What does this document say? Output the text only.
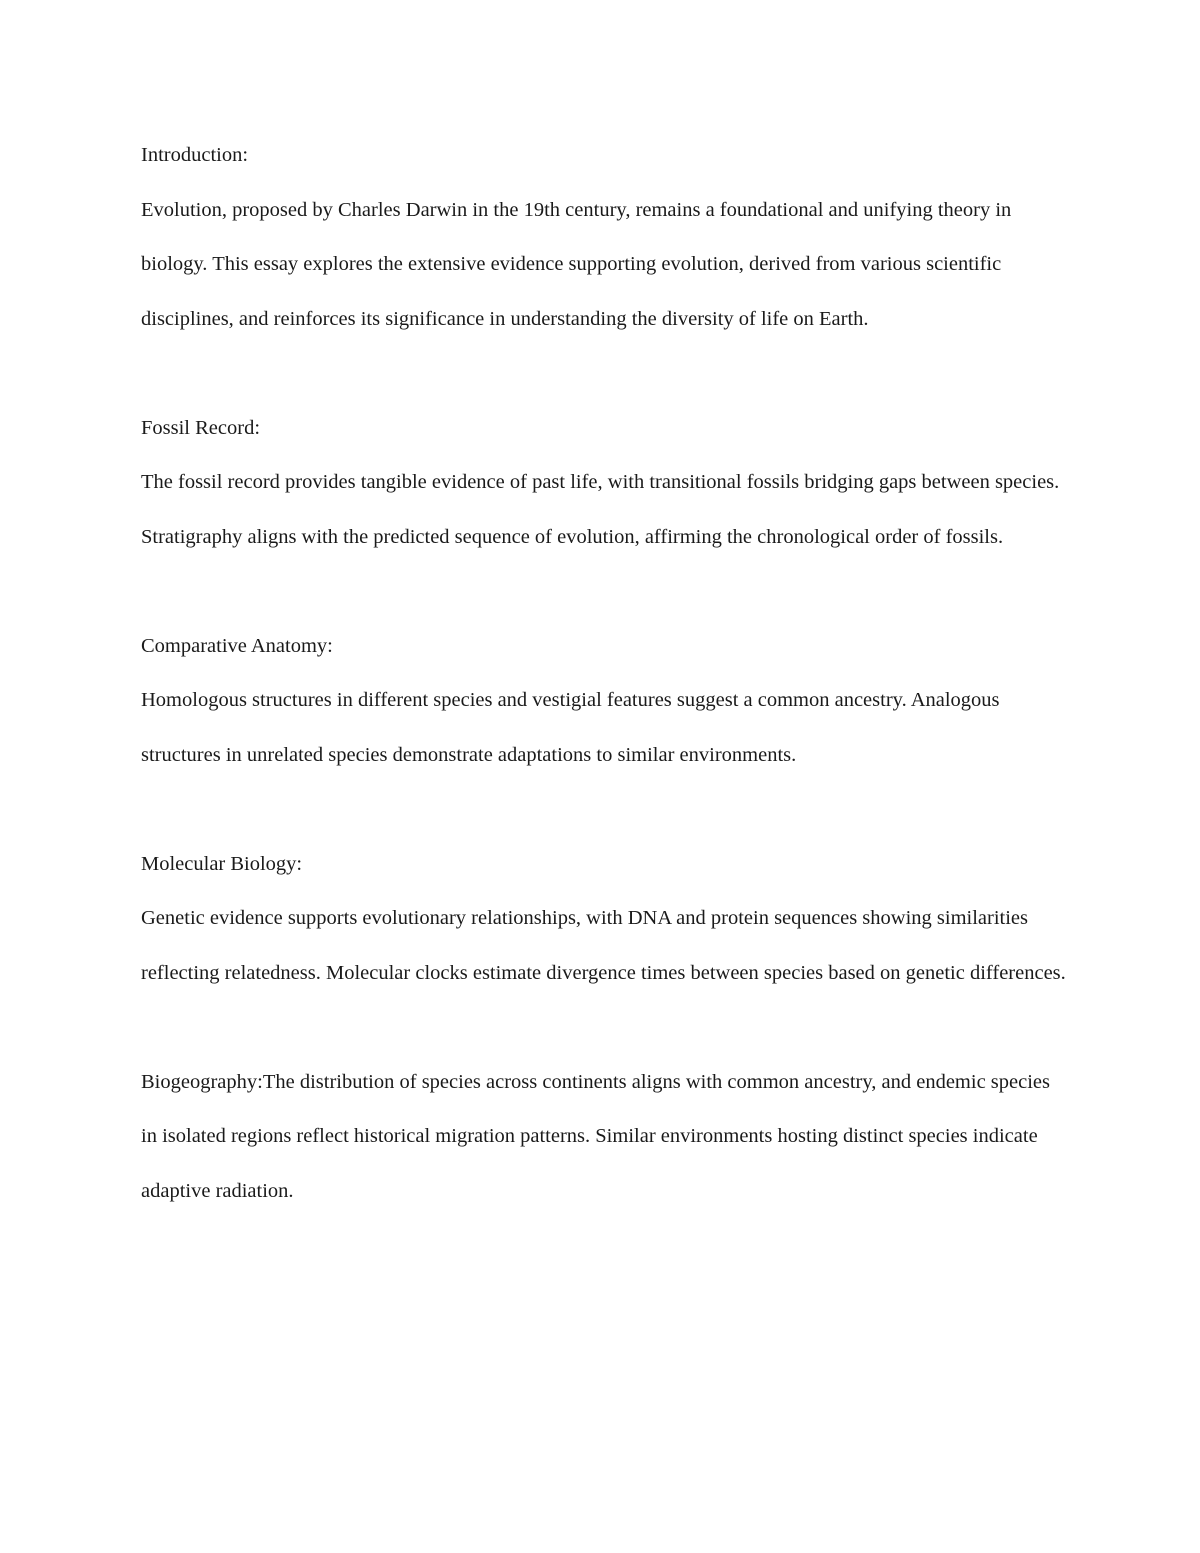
Introduction:
Evolution, proposed by Charles Darwin in the 19th century, remains a foundational and unifying theory in biology. This essay explores the extensive evidence supporting evolution, derived from various scientific disciplines, and reinforces its significance in understanding the diversity of life on Earth.
Fossil Record:
The fossil record provides tangible evidence of past life, with transitional fossils bridging gaps between species. Stratigraphy aligns with the predicted sequence of evolution, affirming the chronological order of fossils.
Comparative Anatomy:
Homologous structures in different species and vestigial features suggest a common ancestry. Analogous structures in unrelated species demonstrate adaptations to similar environments.
Molecular Biology:
Genetic evidence supports evolutionary relationships, with DNA and protein sequences showing similarities reflecting relatedness. Molecular clocks estimate divergence times between species based on genetic differences.
Biogeography:The distribution of species across continents aligns with common ancestry, and endemic species in isolated regions reflect historical migration patterns. Similar environments hosting distinct species indicate adaptive radiation.
